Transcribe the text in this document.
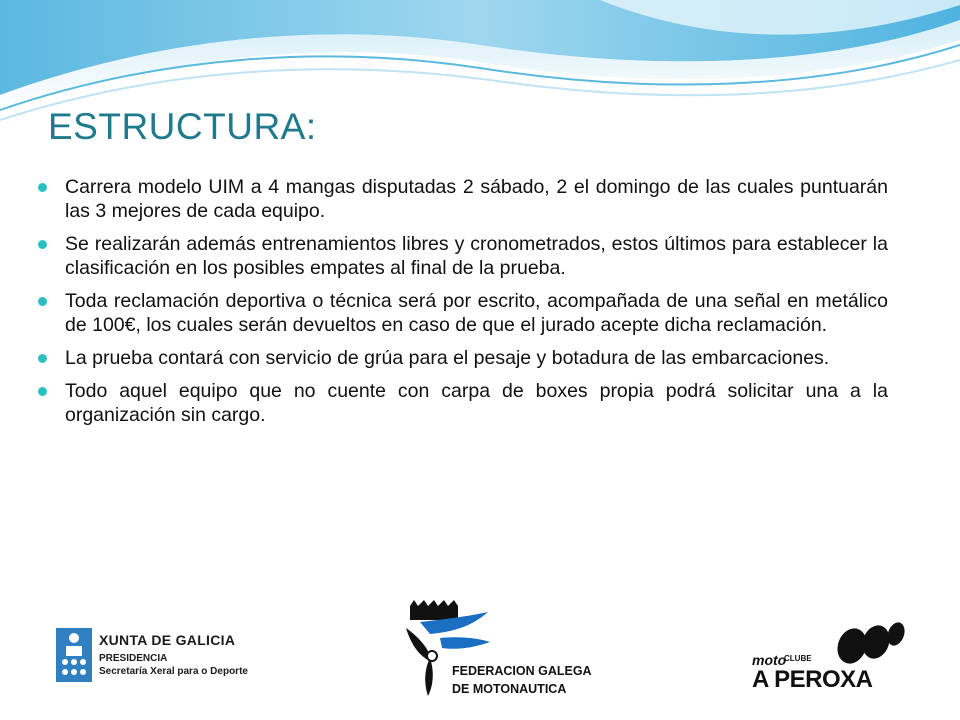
ESTRUCTURA:
Carrera modelo UIM a 4 mangas disputadas 2 sábado, 2 el domingo de las cuales puntuarán las 3 mejores de cada equipo.
Se realizarán además entrenamientos libres y cronometrados, estos últimos para establecer la clasificación en los posibles empates al final de la prueba.
Toda reclamación deportiva o técnica será por escrito, acompañada de una señal en metálico de 100€, los cuales serán devueltos en caso de que el jurado acepte dicha reclamación.
La prueba contará con servicio de grúa para el pesaje y botadura de las embarcaciones.
Todo aquel equipo que no cuente con carpa de boxes propia podrá solicitar una a la organización sin cargo.
XUNTA DE GALICIA
PRESIDENCIA
Secretaría Xeral para o Deporte	FEDERACION GALEGA
DE MOTONAUTICA
moto
CLUBE
A PEROXA
